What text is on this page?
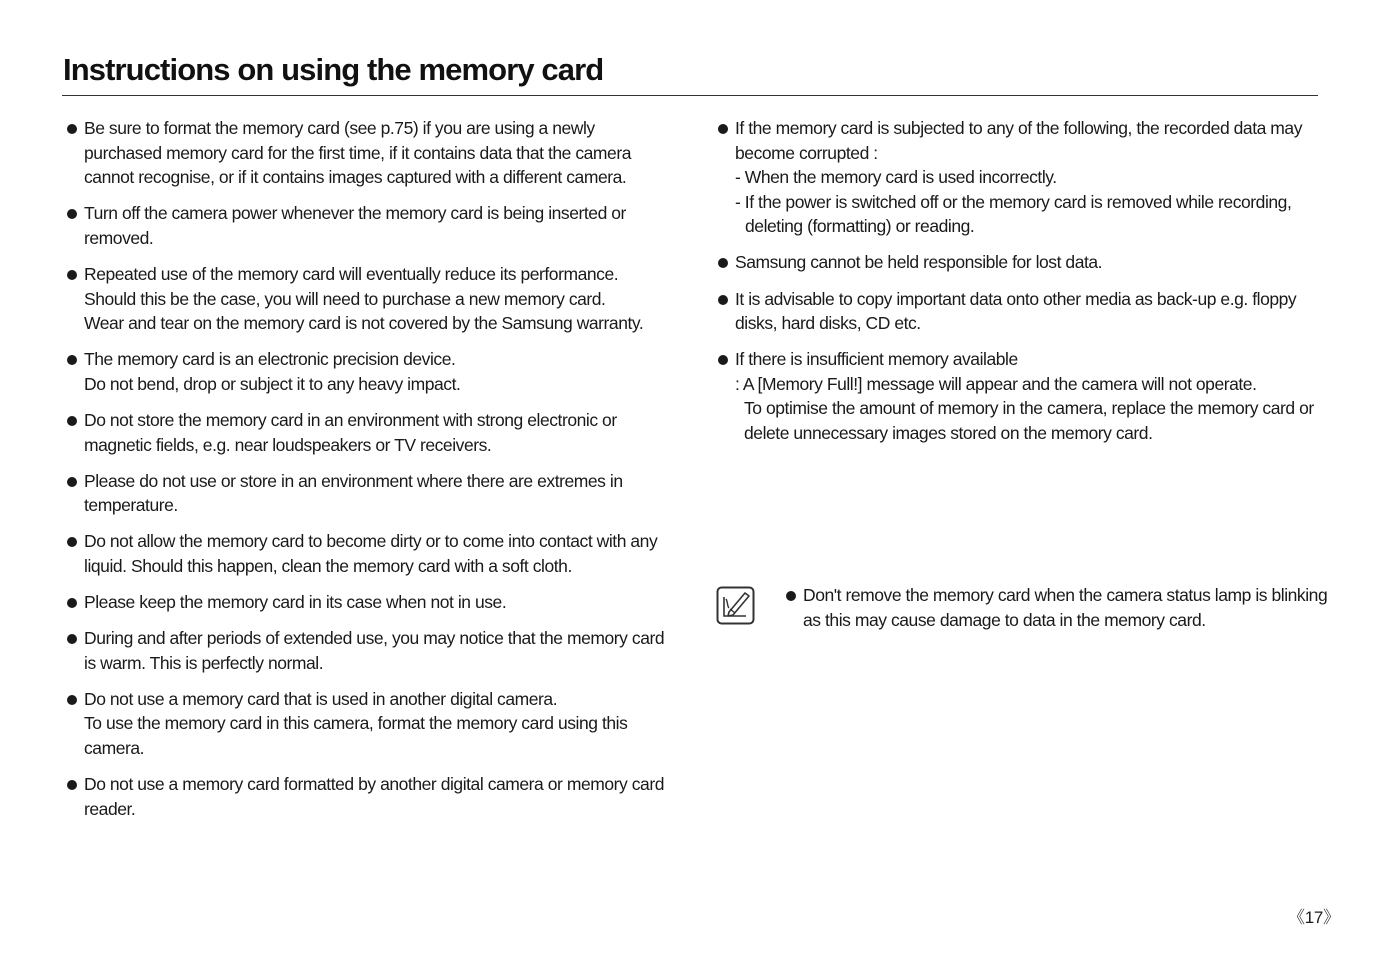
Instructions on using the memory card
Be sure to format the memory card (see p.75) if you are using a newly
purchased memory card for the first time, if it contains data that the camera
cannot recognise, or if it contains images captured with a different camera.
Turn off the camera power whenever the memory card is being inserted or
removed.
Repeated use of the memory card will eventually reduce its performance.
Should this be the case, you will need to purchase a new memory card.
Wear and tear on the memory card is not covered by the Samsung warranty.
The memory card is an electronic precision device.
Do not bend, drop or subject it to any heavy impact.
Do not store the memory card in an environment with strong electronic or
magnetic fields, e.g. near loudspeakers or TV receivers.
Please do not use or store in an environment where there are extremes in
temperature.
Do not allow the memory card to become dirty or to come into contact with any
liquid. Should this happen, clean the memory card with a soft cloth.
Please keep the memory card in its case when not in use.
During and after periods of extended use, you may notice that the memory card
is warm. This is perfectly normal.
Do not use a memory card that is used in another digital camera.
To use the memory card in this camera, format the memory card using this
camera.
Do not use a memory card formatted by another digital camera or memory card
reader.
If the memory card is subjected to any of the following, the recorded data may
become corrupted :
- When the memory card is used incorrectly.
- If the power is switched off or the memory card is removed while recording,
deleting (formatting) or reading.
Samsung cannot be held responsible for lost data.
It is advisable to copy important data onto other media as back-up e.g. floppy
disks, hard disks, CD etc.
If there is insufficient memory available
: A [Memory Full!] message will appear and the camera will not operate.
To optimise the amount of memory in the camera, replace the memory card or
delete unnecessary images stored on the memory card.
Don't remove the memory card when the camera status lamp is blinking
as this may cause damage to data in the memory card.
《17》
